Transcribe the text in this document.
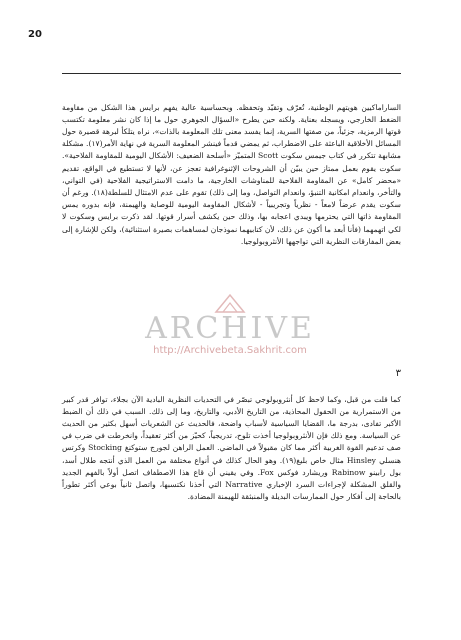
20

الساراماكيين هويتهم الوطنية، تُعرّف وتقيّد وتحفظه. وبحساسية عالية يفهم برايس هذا الشكل من مقاومة الضغط الخارجي، ويسجله بعناية. ولكنه حين يطرح «السؤال الجوهري حول ما إذا كان نشر معلومة تكتسب قوتها الرمزية، جزئياً، من صفتها السرية، إنما يفسد معنى تلك المعلومة بالذات»، نراه يتلكأ لبرهة قصيرة حول المسائل الأخلاقية الباعثة على الاضطراب، ثم يمضي قدماً فينشر المعلومة السرية في نهاية الأمر(١٧). مشكلة مشابهة تتكرر في كتاب جيمس سكوت Scott المتميّز «أسلحة الضعيف: الأشكال اليومية للمقاومة الفلاحية». سكوت يقوم بعمل ممتاز حين يبيّن أن الشروحات الإثنوغرافية تعجز عن، لأنها لا تستطيع في الواقع، تقديم «محضر كامل» عن المقاومة الفلاحية للمناوشات الخارجية، ما دامت الاستراتيجية الفلاحية (في التواني، والتأخر، وانعدام امكانية التنبؤ، وانعدام التواصل، وما إلى ذلك) تقوم على عدم الامتثال للسلطة(١٨). ورغم أن سكوت يقدم عرضاً لامعاً - نظرياً وتجريبياً - لأشكال المقاومة اليومية للوصاية والهيمنة، فإنه بدوره يمس المقاومة ذاتها التي يحترمها ويبدي اعجابه بها، وذلك حين يكشف أسرار قوتها. لقد ذكرت برايس وسكوت لا لكي اتهمهما (فأنا أبعد ما أكون عن ذلك، لأن كتابيهما نموذجان لمساهمات بصيرة استثنائية)، ولكن للإشارة إلى بعض المفارقات النظرية التي تواجهها الأنثروبولوجيا.

ARCHIVE
http://Archivebeta.Sakhrit.com
٣

كما قلت من قبل، وكما لاحظ كل أنثروبولوجي تبصّر في التحديات النظرية البادية الآن بجلاء، توافر قدر كبير من الاستمرارية من الحقول المحاذية، من التاريخ الأدبي، والتاريخ، وما إلى ذلك. السبب في ذلك أن الضبط الأكبر تفادى، بدرجة ما، القضايا السياسية لأسباب واضحة، فالحديث عن الشعريات أسهل بكثير من الحديث عن السياسة. ومع ذلك فإن الأنثروبولوجيا أخذت تلوح، تدريجياً، كحيّز من أكثر تعقيداً، وانخرطت في ضرب في صف تدعيم القوة الغربية أكثر مما كان مقبولاً في الماضي. العمل الراهن لجورج ستوكنغ Stocking وكرتس هنسلي Hinsley مثال خاص بليغ(١٩). وهو الحال كذلك في أنواع مختلفة من العمل الذي أنتجه طلال أسد، بول رابينو Rabinow وريشارد فوكس Fox. وفي يقيني أن قاع هذا الاصطفاف اتصل أولاً بالفهم الجديد والقلق المشكلة لإجراءات السرد الإخباري Narrative التي أخذنا نكتسبها، واتصل ثانياً بوعي أكثر تطوراً بالحاجة إلى أفكار حول الممارسات البديلة والمنبثقة للهيمنة المضادة.
